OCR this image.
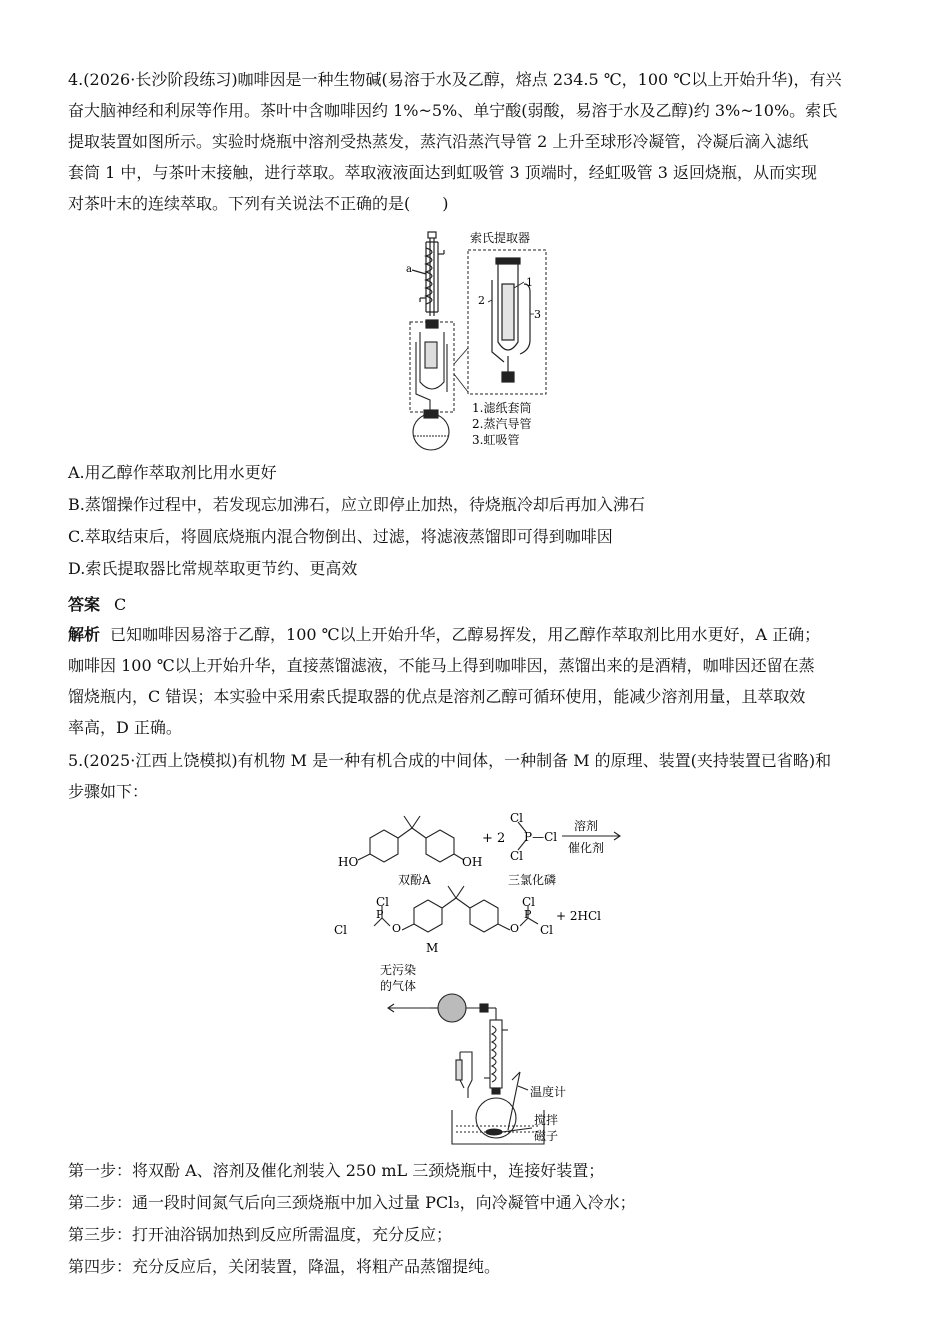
4.(2026·长沙阶段练习)咖啡因是一种生物碱(易溶于水及乙醇，熔点 234.5 ℃，100 ℃以上开始升华)，有兴
奋大脑神经和利尿等作用。茶叶中含咖啡因约 1%~5%、单宁酸(弱酸，易溶于水及乙醇)约 3%~10%。索氏
提取装置如图所示。实验时烧瓶中溶剂受热蒸发，蒸汽沿蒸汽导管 2 上升至球形冷凝管，冷凝后滴入滤纸
套筒 1 中，与茶叶末接触，进行萃取。萃取液液面达到虹吸管 3 顶端时，经虹吸管 3 返回烧瓶，从而实现
对茶叶末的连续萃取。下列有关说法不正确的是(　　)
a
索氏提取器
2
1
3
1.滤纸套筒
2.蒸汽导管
3.虹吸管
A.用乙醇作萃取剂比用水更好
B.蒸馏操作过程中，若发现忘加沸石，应立即停止加热，待烧瓶冷却后再加入沸石
C.萃取结束后，将圆底烧瓶内混合物倒出、过滤，将滤液蒸馏即可得到咖啡因
D.索氏提取器比常规萃取更节约、更高效
答案 C
解析 已知咖啡因易溶于乙醇，100 ℃以上开始升华，乙醇易挥发，用乙醇作萃取剂比用水更好，A 正确；
咖啡因 100 ℃以上开始升华，直接蒸馏滤液，不能马上得到咖啡因，蒸馏出来的是酒精，咖啡因还留在蒸
馏烧瓶内，C 错误；本实验中采用索氏提取器的优点是溶剂乙醇可循环使用，能减少溶剂用量，且萃取效
率高，D 正确。
5.(2025·江西上饶模拟)有机物 M 是一种有机合成的中间体，一种制备 M 的原理、装置(夹持装置已省略)和
步骤如下：
HO	OH
+ 2
Cl
P—Cl
Cl
溶剂
催化剂
双酚A	三氯化磷
Cl
P
Cl	O	O
P
Cl
Cl
+ 2HCl
M
无污染
的气体
温度计
搅拌
磁子
第一步：将双酚 A、溶剂及催化剂装入 250 mL 三颈烧瓶中，连接好装置；
第二步：通一段时间氮气后向三颈烧瓶中加入过量 PCl₃，向冷凝管中通入冷水；
第三步：打开油浴锅加热到反应所需温度，充分反应；
第四步：充分反应后，关闭装置，降温，将粗产品蒸馏提纯。
